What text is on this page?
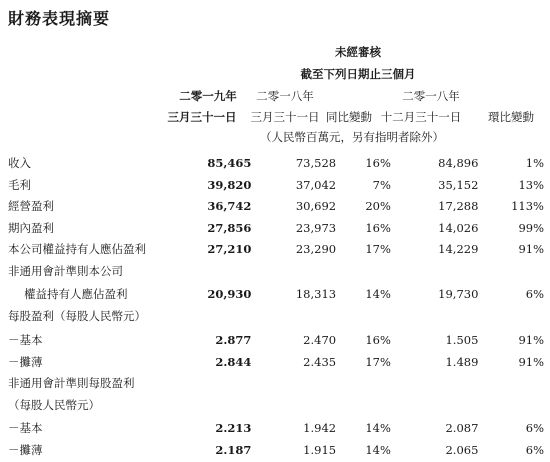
財務表現摘要
未經審核
截至下列日期止三個月
二零一九年
三月三十一日
二零一八年
三月三十一日 同比變動
二零一八年
十二月三十一日 環比變動
（人民幣百萬元，另有指明者除外）
收入	85,465	73,528	16%	84,896	1%
毛利	39,820	37,042	7%	35,152	13%
經營盈利	36,742	30,692	20%	17,288	113%
期內盈利	27,856	23,973	16%	14,026	99%
本公司權益持有人應佔盈利	27,210	23,290	17%	14,229	91%
非通用會計準則本公司					
權益持有人應佔盈利	20,930	18,313	14%	19,730	6%
每股盈利（每股人民幣元）					
－基本	2.877	2.470	16%	1.505	91%
－攤薄	2.844	2.435	17%	1.489	91%
非通用會計準則每股盈利					
（每股人民幣元）					
－基本	2.213	1.942	14%	2.087	6%
－攤薄	2.187	1.915	14%	2.065	6%
